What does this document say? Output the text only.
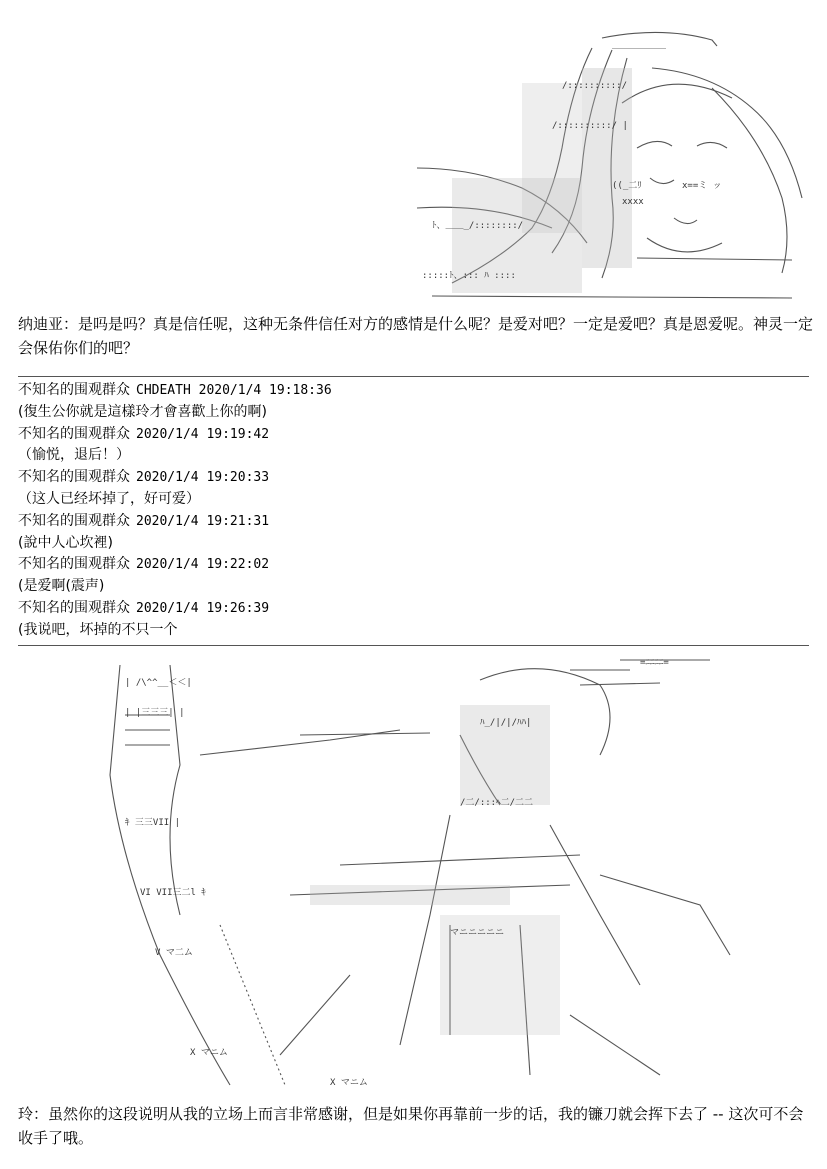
＿＿＿＿＿＿
/::::::::::/
/::::::::::/ |
ﾄ、＿＿_/::::::::/
((_二ﾘ	x==ミ ッ
xxxx
:::::ﾄ、::: ﾊ ::::
纳迪亚：是吗是吗？真是信任呢，这种无条件信任对方的感情是什么呢？是爱对吧？一定是爱吧？真是恩爱呢。神灵一定会保佑你们的吧？
不知名的围观群众 CHDEATH 2020/1/4 19:18:36
(復生公你就是這樣玲才會喜歡上你的啊)
不知名的围观群众 2020/1/4 19:19:42
（愉悦，退后！）
不知名的围观群众 2020/1/4 19:20:33
（这人已经坏掉了，好可爱）
不知名的围观群众 2020/1/4 19:21:31
(說中人心坎裡)
不知名的围观群众 2020/1/4 19:22:02
(是爱啊(震声)
不知名的围观群众 2020/1/4 19:26:39
(我说吧，坏掉的不只一个
| /\^^__＜＜|
| |三三三| |
ｷ 三三VII |
VI VII三二l ｷ
V マ二ム
X マニム
ﾊ_/|/|/ﾊﾊ|
/二/:::ﾍ二/二二
マニニニニニ
=ﾆﾆﾆﾆ=
X マニム
玲：虽然你的这段说明从我的立场上而言非常感谢，但是如果你再靠前一步的话，我的镰刀就会挥下去了 -- 这次可不会收手了哦。
